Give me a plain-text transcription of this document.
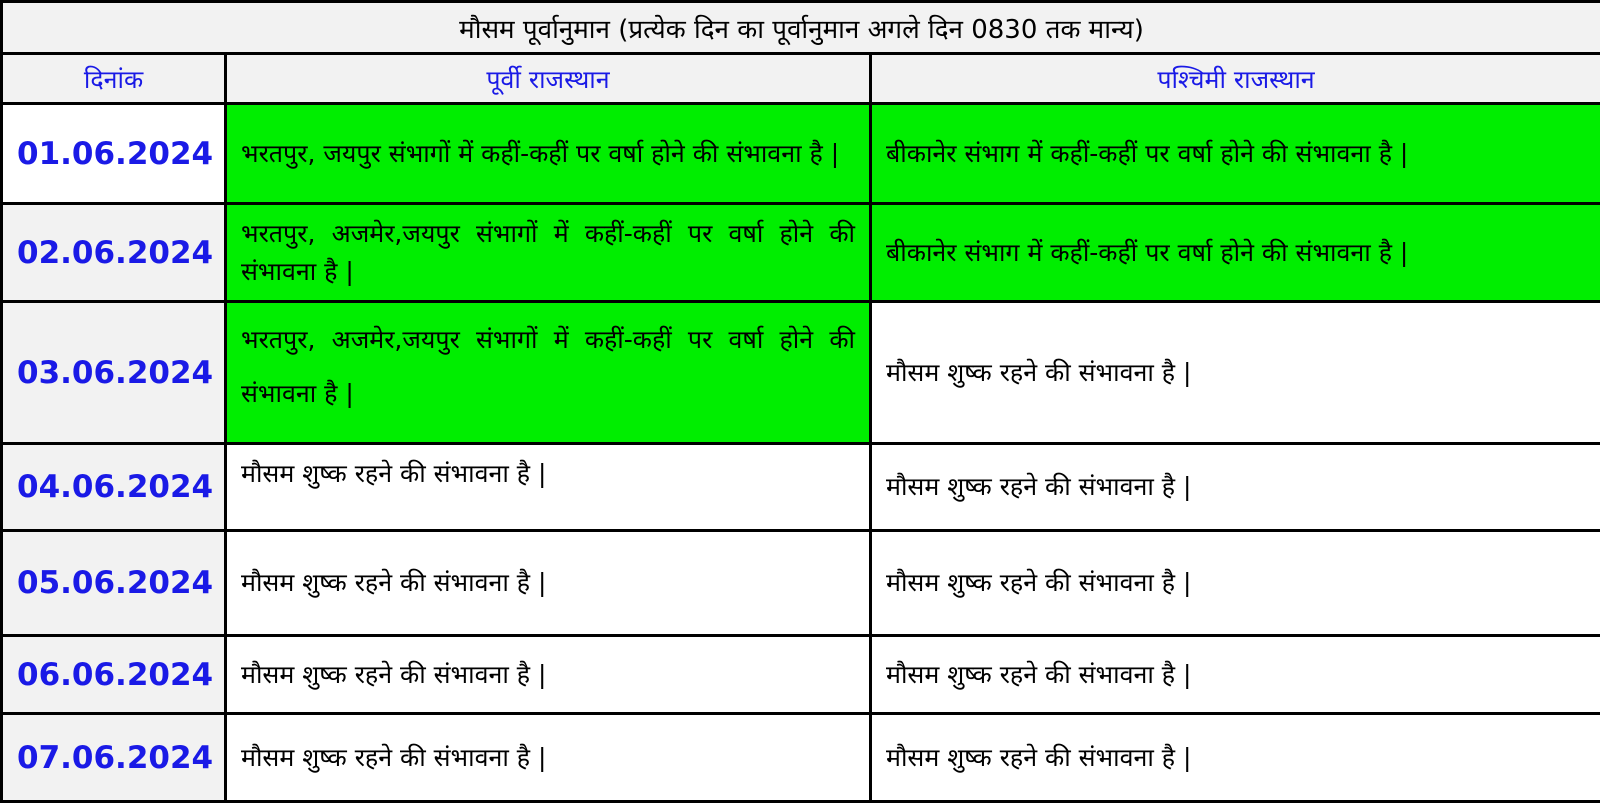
मौसम पूर्वानुमान (प्रत्येक दिन का पूर्वानुमान अगले दिन 0830 तक मान्य)		
दिनांक	पूर्वी राजस्थान	पश्चिमी राजस्थान
01.06.2024	भरतपुर, जयपुर संभागों में कहीं-कहीं पर वर्षा होने की संभावना है |	बीकानेर संभाग में कहीं-कहीं पर वर्षा होने की संभावना है |
02.06.2024	भरतपुर, अजमेर,जयपुर संभागों में कहीं-कहीं पर वर्षा होने की संभावना है |	बीकानेर संभाग में कहीं-कहीं पर वर्षा होने की संभावना है |
03.06.2024	भरतपुर, अजमेर,जयपुर संभागों में कहीं-कहीं पर वर्षा होने की संभावना है |	मौसम शुष्क रहने की संभावना है |
04.06.2024	मौसम शुष्क रहने की संभावना है |	मौसम शुष्क रहने की संभावना है |
05.06.2024	मौसम शुष्क रहने की संभावना है |	मौसम शुष्क रहने की संभावना है |
06.06.2024	मौसम शुष्क रहने की संभावना है |	मौसम शुष्क रहने की संभावना है |
07.06.2024	मौसम शुष्क रहने की संभावना है |	मौसम शुष्क रहने की संभावना है |
